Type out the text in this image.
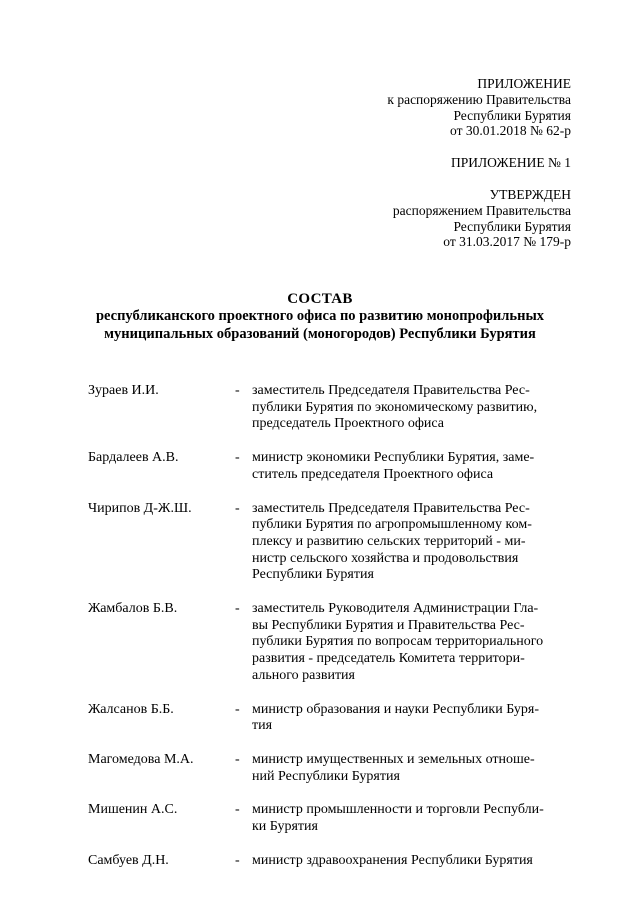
ПРИЛОЖЕНИЕ
к распоряжению Правительства
Республики Бурятия
от 30.01.2018 № 62-р
ПРИЛОЖЕНИЕ № 1
УТВЕРЖДЕН
распоряжением Правительства
Республики Бурятия
от 31.03.2017 № 179-р
СОСТАВ
республиканского проектного офиса по развитию монопрофильных
муниципальных образований (моногородов) Республики Бурятия
Зураев И.И.	- заместитель Председателя Правительства Рес-
публики Бурятия по экономическому развитию,
председатель Проектного офиса
Бардалеев А.В.	- министр экономики Республики Бурятия, заме-
ститель председателя Проектного офиса
Чирипов Д-Ж.Ш.	- заместитель Председателя Правительства Рес-
публики Бурятия по агропромышленному ком-
плексу и развитию сельских территорий - ми-
нистр сельского хозяйства и продовольствия
Республики Бурятия
Жамбалов Б.В.	- заместитель Руководителя Администрации Гла-
вы Республики Бурятия и Правительства Рес-
публики Бурятия по вопросам территориального
развития - председатель Комитета территори-
ального развития
Жалсанов Б.Б.	- министр образования и науки Республики Буря-
тия
Магомедова М.А.	- министр имущественных и земельных отноше-
ний Республики Бурятия
Мишенин А.С.	- министр промышленности и торговли Республи-
ки Бурятия
Самбуев Д.Н.	- министр здравоохранения Республики Бурятия
